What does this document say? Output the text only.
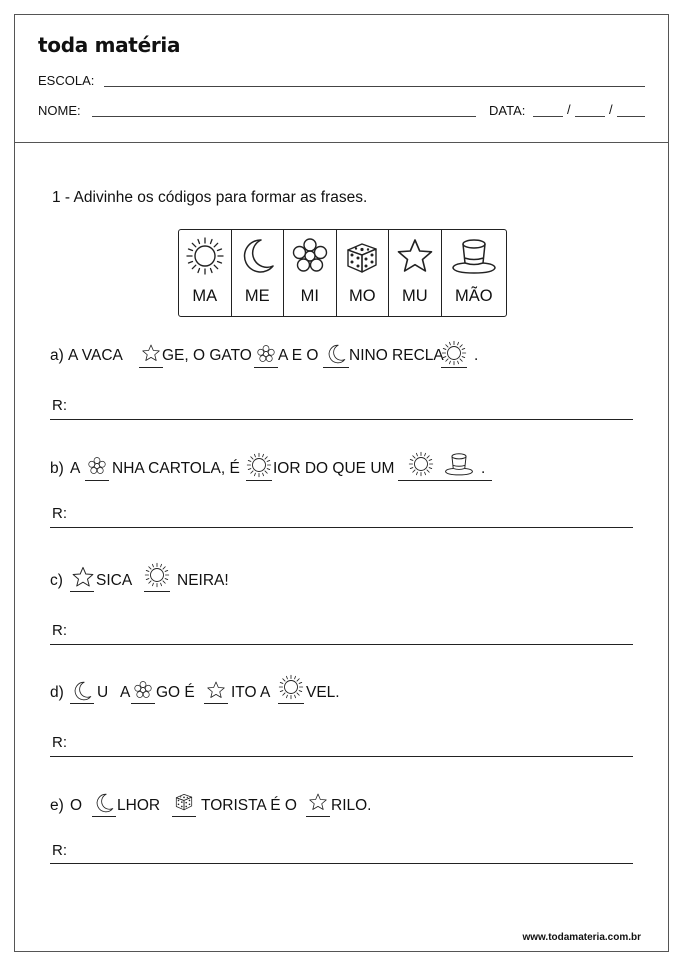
toda matéria
ESCOLA:
NOME:	DATA:	/	/
1 - Adivinhe os códigos para formar as frases.
MA	ME	MI	MO	MU	MÃO
a) A VACA	GE, O GATO A E O NINO RECLA .
R:
b) A NHA CARTOLA, É IOR DO QUE UM	.
R:
c) SICA	NEIRA!
R:
d) U A GO É ITO A VEL.
R:
e) O LHOR	TORISTA É O RILO.
R:
www.todamateria.com.br
